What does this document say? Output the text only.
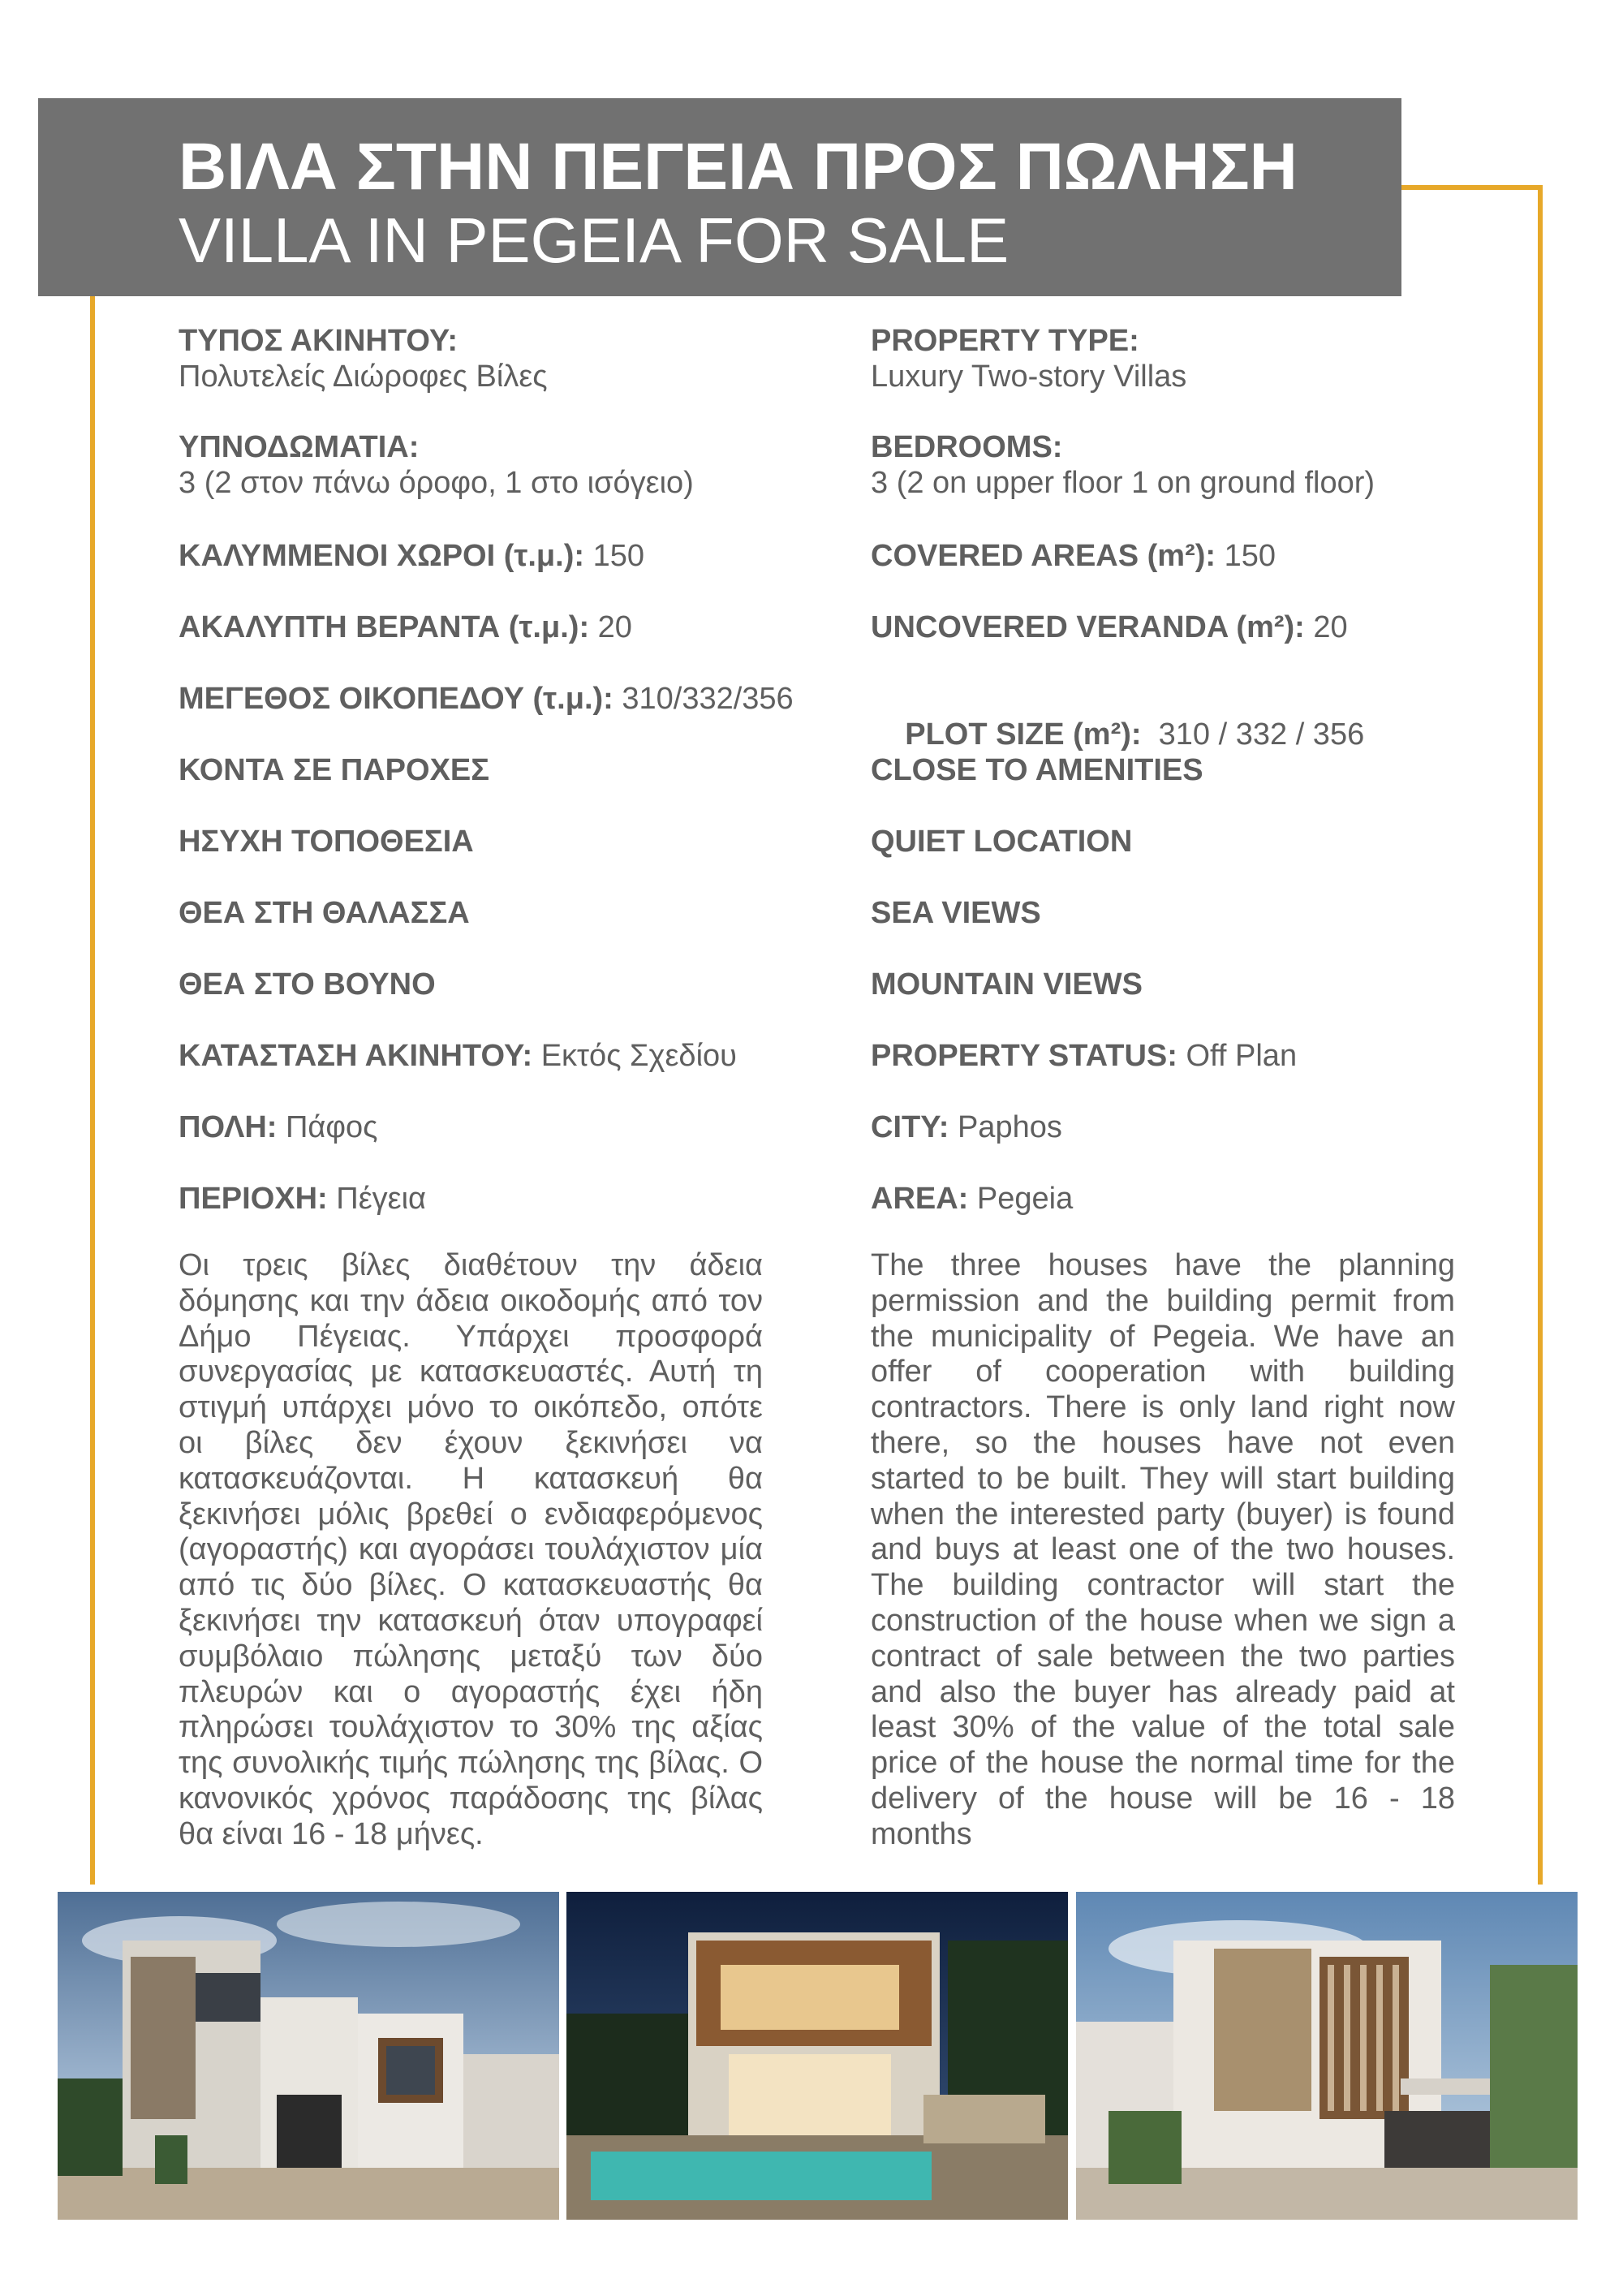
ΒΙΛΑ ΣΤΗΝ ΠΕΓΕΙΑ ΠΡΟΣ ΠΩΛΗΣΗ
VILLA IN PEGEIA FOR SALE
ΤΥΠΟΣ ΑΚΙΝΗΤΟΥ:
Πολυτελείς Διώροφες Βίλες
ΥΠΝΟΔΩΜΑΤΙΑ:
3 (2 στον πάνω όροφο, 1 στο ισόγειο)
ΚΑΛΥΜΜΕΝΟΙ ΧΩΡΟΙ (τ.μ.): 150
ΑΚΑΛΥΠΤΗ ΒΕΡΑΝΤΑ (τ.μ.): 20
ΜΕΓΕΘΟΣ ΟΙΚΟΠΕΔΟΥ (τ.μ.): 310/332/356
ΚΟΝΤΑ ΣΕ ΠΑΡΟΧΕΣ
ΗΣΥΧΗ ΤΟΠΟΘΕΣΙΑ
ΘΕΑ ΣΤΗ ΘΑΛΑΣΣΑ
ΘΕΑ ΣΤΟ ΒΟΥΝΟ
ΚΑΤΑΣΤΑΣΗ ΑΚΙΝΗΤΟΥ: Εκτός Σχεδίου
ΠΟΛΗ: Πάφος
ΠΕΡΙΟΧΗ: Πέγεια
PROPERTY TYPE:
Luxury Two-story Villas
BEDROOMS:
3 (2 on upper floor 1 on ground floor)
COVERED AREAS (m²): 150
UNCOVERED VERANDA (m²): 20

PLOT SIZE (m²):  310 / 332 / 356

CLOSE TO AMENITIES
QUIET LOCATION
SEA VIEWS
MOUNTAIN VIEWS
PROPERTY STATUS: Off Plan
CITY: Paphos
AREA: Pegeia
Οι τρεις βίλες διαθέτουν την άδεια δόμησης και την άδεια οικοδομής από τον Δήμο Πέγειας. Υπάρχει προσφορά συνεργασίας με κατασκευαστές. Αυτή τη στιγμή υπάρχει μόνο το οικόπεδο, οπότε οι βίλες δεν έχουν ξεκινήσει να κατασκευάζονται. Η κατασκευή θα ξεκινήσει μόλις βρεθεί ο ενδιαφερόμενος (αγοραστής) και αγοράσει τουλάχιστον μία από τις δύο βίλες. Ο κατασκευαστής θα ξεκινήσει την κατασκευή όταν υπογραφεί συμβόλαιο πώλησης μεταξύ των δύο πλευρών και ο αγοραστής έχει ήδη πληρώσει τουλάχιστον το 30% της αξίας της συνολικής τιμής πώλησης της βίλας. Ο κανονικός χρόνος παράδοσης της βίλας θα είναι 16 - 18 μήνες.
The three houses have the planning permission and the building permit from the municipality of Pegeia. We have an offer of cooperation with building contractors. There is only land right now there, so the houses have not even started to be built. They will start building when the interested party (buyer) is found and buys at least one of the two houses. The building contractor will start the construction of the house when we sign a contract of sale between the two parties and also the buyer has already paid at least 30% of the value of the total sale price of the house the normal time for the delivery of the house will be 16 - 18 months
